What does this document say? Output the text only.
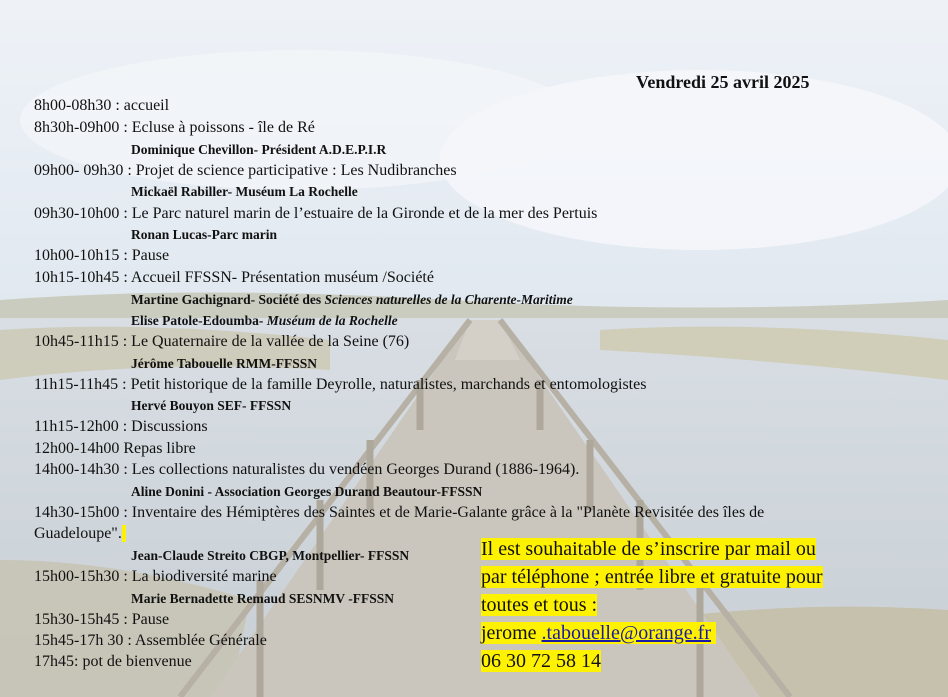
Vendredi 25 avril 2025
8h00-08h30 : accueil
8h30h-09h00 : Ecluse à poissons - île de Ré
Dominique Chevillon- Président A.D.E.P.I.R
09h00- 09h30 : Projet de science participative : Les Nudibranches
Mickaël Rabiller- Muséum La Rochelle
09h30-10h00 : Le Parc naturel marin de l’estuaire de la Gironde et de la mer des Pertuis
Ronan Lucas-Parc marin
10h00-10h15 : Pause
10h15-10h45 : Accueil FFSSN- Présentation muséum /Société
Martine Gachignard- Société des Sciences naturelles de la Charente-Maritime
Elise Patole-Edoumba- Muséum de la Rochelle
10h45-11h15 : Le Quaternaire de la vallée de la Seine (76)
Jérôme Tabouelle RMM-FFSSN
11h15-11h45 : Petit historique de la famille Deyrolle, naturalistes, marchands et entomologistes
Hervé Bouyon SEF- FFSSN
11h15-12h00 : Discussions
12h00-14h00 Repas libre
14h00-14h30 : Les collections naturalistes du vendéen Georges Durand (1886-1964).
Aline Donini - Association Georges Durand Beautour-FFSSN
14h30-15h00 : Inventaire des Hémiptères des Saintes et de Marie-Galante grâce à la "Planète Revisitée des îles de
Guadeloupe".
Jean-Claude Streito CBGP, Montpellier- FFSSN
15h00-15h30 : La biodiversité marine
Marie Bernadette Remaud SESNMV -FFSSN
15h30-15h45 : Pause
15h45-17h 30 : Assemblée Générale
17h45: pot de bienvenue
Il est souhaitable de s’inscrire par mail ou
par téléphone ; entrée libre et gratuite pour
toutes et tous :
jerome .tabouelle@orange.fr
06 30 72 58 14
